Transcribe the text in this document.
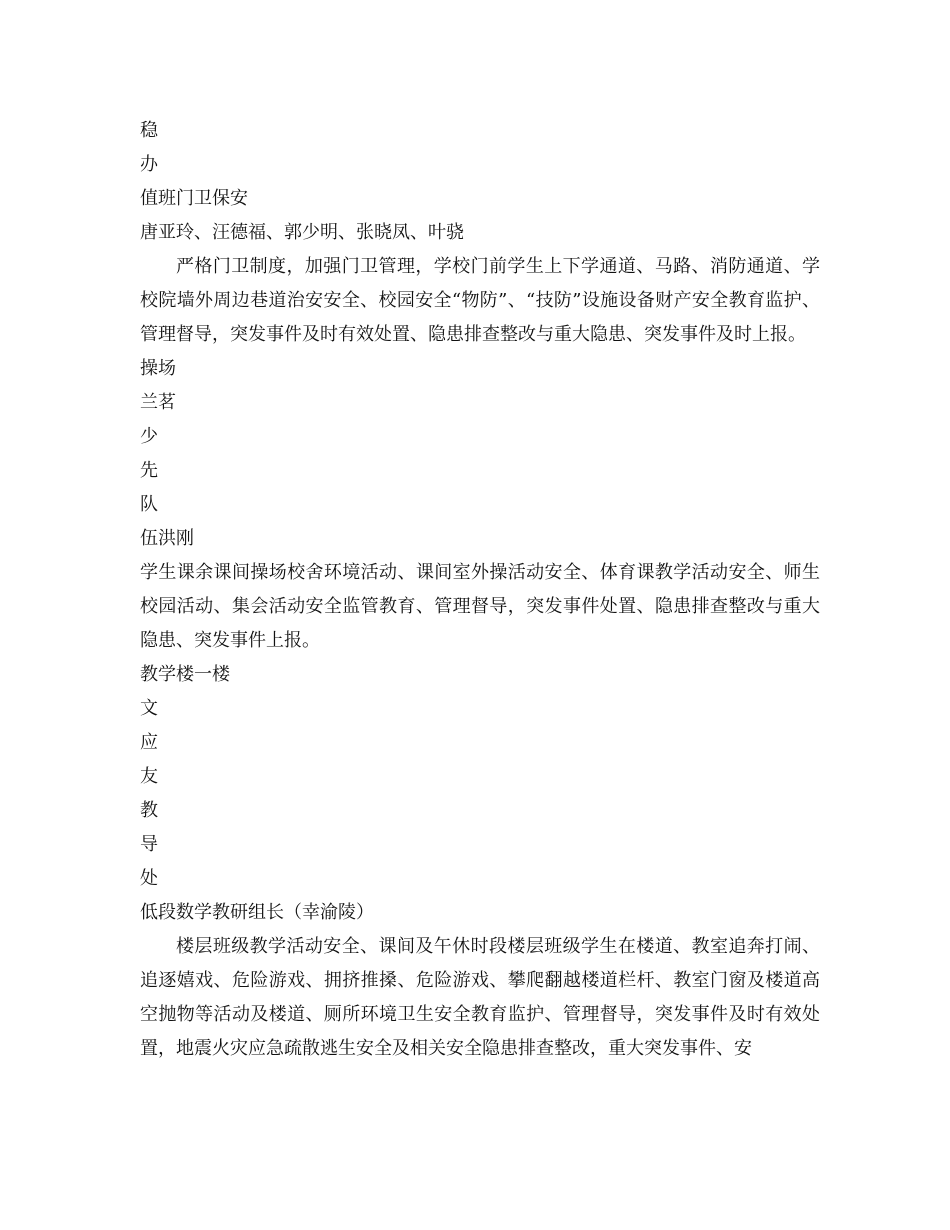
稳
办
值班门卫保安
唐亚玲、汪德福、郭少明、张晓凤、叶骁
严格门卫制度，加强门卫管理，学校门前学生上下学通道、马路、消防通道、学校院墙外周边巷道治安安全、校园安全“物防”、“技防”设施设备财产安全教育监护、管理督导，突发事件及时有效处置、隐患排查整改与重大隐患、突发事件及时上报。
操场
兰茗
少
先
队
伍洪刚
学生课余课间操场校舍环境活动、课间室外操活动安全、体育课教学活动安全、师生校园活动、集会活动安全监管教育、管理督导，突发事件处置、隐患排查整改与重大隐患、突发事件上报。
教学楼一楼
文
应
友
教
导
处
低段数学教研组长（幸渝陵）
楼层班级教学活动安全、课间及午休时段楼层班级学生在楼道、教室追奔打闹、追逐嬉戏、危险游戏、拥挤推搡、危险游戏、攀爬翻越楼道栏杆、教室门窗及楼道高空抛物等活动及楼道、厕所环境卫生安全教育监护、管理督导，突发事件及时有效处置，地震火灾应急疏散逃生安全及相关安全隐患排查整改，重大突发事件、安
